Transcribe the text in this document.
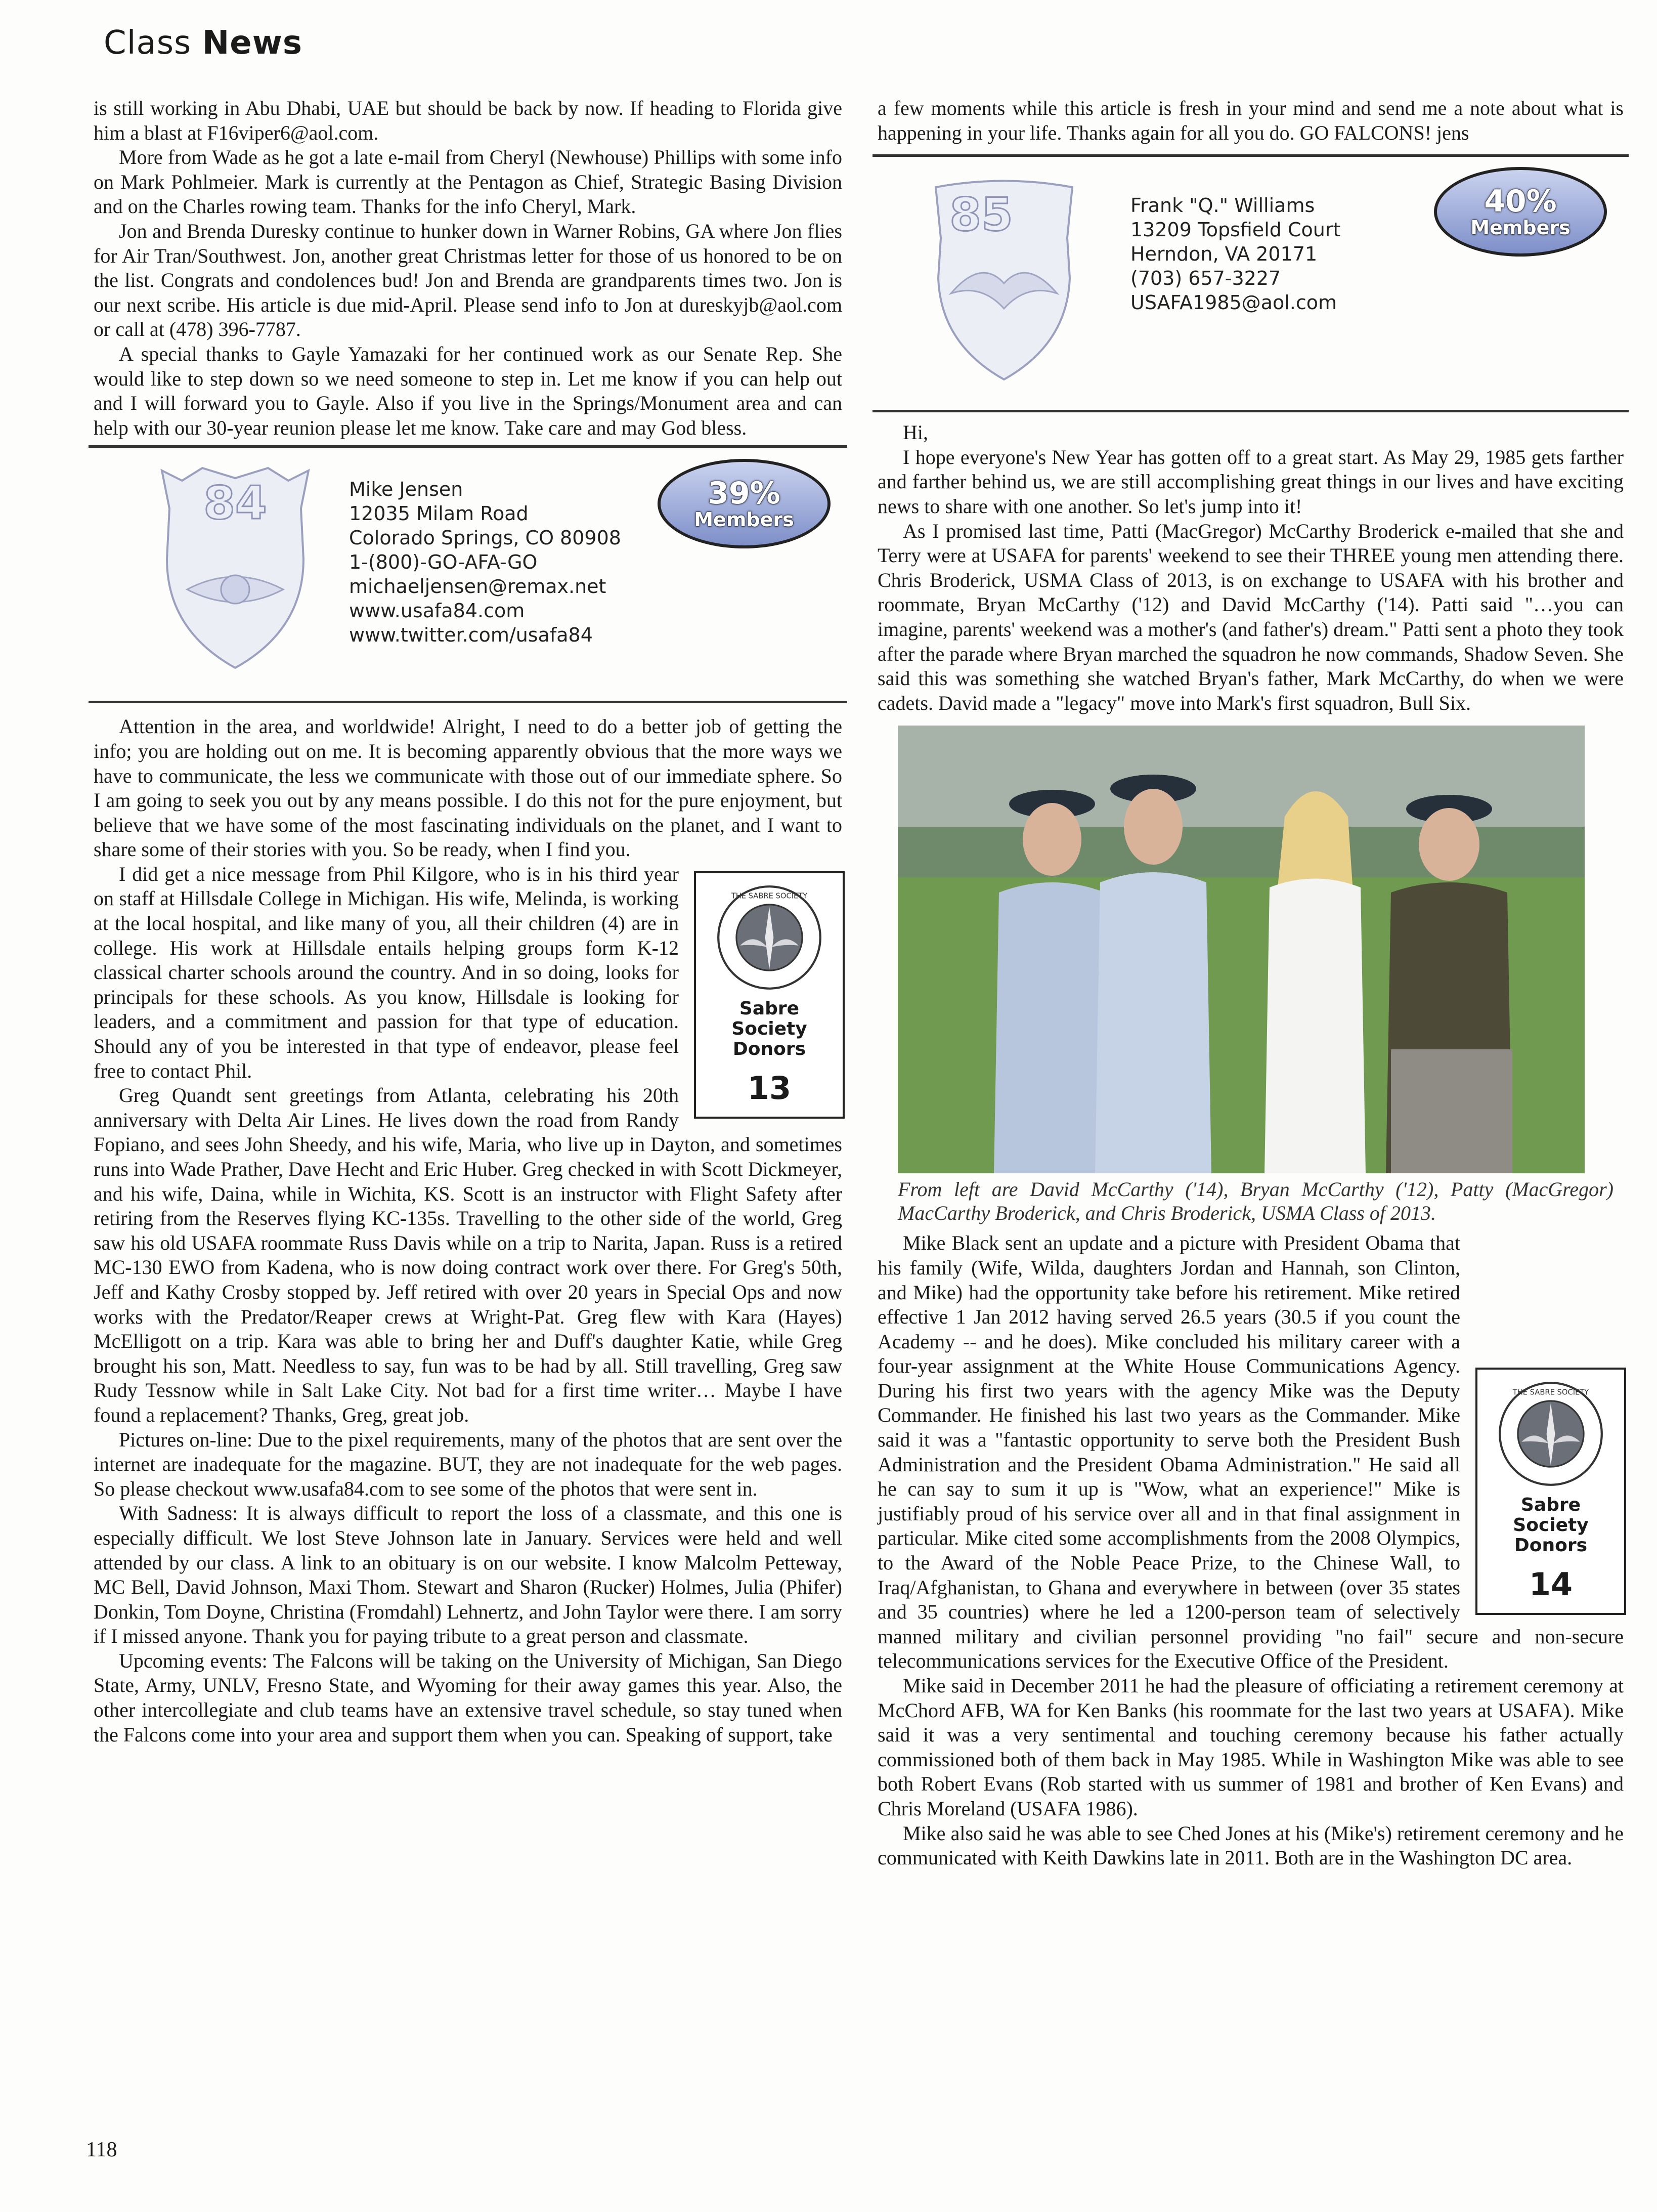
Class News

is still working in Abu Dhabi, UAE but should be back by now. If heading to Florida give him a blast at F16viper6@aol.com.

More from Wade as he got a late e-mail from Cheryl (Newhouse) Phillips with some info on Mark Pohlmeier. Mark is currently at the Pentagon as Chief, Strategic Basing Division and on the Charles rowing team. Thanks for the info Cheryl, Mark.

Jon and Brenda Duresky continue to hunker down in Warner Robins, GA where Jon flies for Air Tran/Southwest. Jon, another great Christmas letter for those of us honored to be on the list. Congrats and condolences bud! Jon and Brenda are grandparents times two. Jon is our next scribe. His article is due mid-April. Please send info to Jon at dureskyjb@aol.com or call at (478) 396-7787.

A special thanks to Gayle Yamazaki for her continued work as our Senate Rep. She would like to step down so we need someone to step in. Let me know if you can help out and I will forward you to Gayle. Also if you live in the Springs/Monument area and can help with our 30-year reunion please let me know. Take care and may God bless.

84	Mike Jensen
12035 Milam Road
Colorado Springs, CO 80908
1-(800)-GO-AFA-GO
michaeljensen@remax.net
www.usafa84.com
www.twitter.com/usafa84
39%
Members

Attention in the area, and worldwide! Alright, I need to do a better job of getting the info; you are holding out on me. It is becoming apparently obvious that the more ways we have to communicate, the less we communicate with those out of our immediate sphere. So I am going to seek you out by any means possible. I do this not for the pure enjoyment, but believe that we have some of the most fascinating individuals on the planet, and I want to share some of their stories with you. So be ready, when I find you.

THE SABRE SOCIETY
Sabre Society Donors
13

I did get a nice message from Phil Kilgore, who is in his third year on staff at Hillsdale College in Michigan. His wife, Melinda, is working at the local hospital, and like many of you, all their children (4) are in college. His work at Hillsdale entails helping groups form K-12 classical charter schools around the country. And in so doing, looks for principals for these schools. As you know, Hillsdale is looking for leaders, and a commitment and passion for that type of education. Should any of you be interested in that type of endeavor, please feel free to contact Phil.

Greg Quandt sent greetings from Atlanta, celebrating his 20th anniversary with Delta Air Lines. He lives down the road from Randy Fopiano, and sees John Sheedy, and his wife, Maria, who live up in Dayton, and sometimes runs into Wade Prather, Dave Hecht and Eric Huber. Greg checked in with Scott Dickmeyer, and his wife, Daina, while in Wichita, KS. Scott is an instructor with Flight Safety after retiring from the Reserves flying KC-135s. Travelling to the other side of the world, Greg saw his old USAFA roommate Russ Davis while on a trip to Narita, Japan. Russ is a retired MC-130 EWO from Kadena, who is now doing contract work over there. For Greg's 50th, Jeff and Kathy Crosby stopped by. Jeff retired with over 20 years in Special Ops and now works with the Predator/Reaper crews at Wright-Pat. Greg flew with Kara (Hayes) McElligott on a trip. Kara was able to bring her and Duff's daughter Katie, while Greg brought his son, Matt. Needless to say, fun was to be had by all. Still travelling, Greg saw Rudy Tessnow while in Salt Lake City. Not bad for a first time writer… Maybe I have found a replacement? Thanks, Greg, great job.

Pictures on-line: Due to the pixel requirements, many of the photos that are sent over the internet are inadequate for the magazine. BUT, they are not inadequate for the web pages. So please checkout www.usafa84.com to see some of the photos that were sent in.

With Sadness: It is always difficult to report the loss of a classmate, and this one is especially difficult. We lost Steve Johnson late in January. Services were held and well attended by our class. A link to an obituary is on our website. I know Malcolm Petteway, MC Bell, David Johnson, Maxi Thom. Stewart and Sharon (Rucker) Holmes, Julia (Phifer) Donkin, Tom Doyne, Christina (Fromdahl) Lehnertz, and John Taylor were there. I am sorry if I missed anyone. Thank you for paying tribute to a great person and classmate.

Upcoming events: The Falcons will be taking on the University of Michigan, San Diego State, Army, UNLV, Fresno State, and Wyoming for their away games this year. Also, the other intercollegiate and club teams have an extensive travel schedule, so stay tuned when the Falcons come into your area and support them when you can. Speaking of support, take

a few moments while this article is fresh in your mind and send me a note about what is happening in your life. Thanks again for all you do. GO FALCONS! jens

85	Frank "Q." Williams
13209 Topsfield Court
Herndon, VA 20171
(703) 657-3227
USAFA1985@aol.com
40%
Members

Hi,

I hope everyone's New Year has gotten off to a great start. As May 29, 1985 gets farther and farther behind us, we are still accomplishing great things in our lives and have exciting news to share with one another. So let's jump into it!

As I promised last time, Patti (MacGregor) McCarthy Broderick e-mailed that she and Terry were at USAFA for parents' weekend to see their THREE young men attending there. Chris Broderick, USMA Class of 2013, is on exchange to USAFA with his brother and roommate, Bryan McCarthy ('12) and David McCarthy ('14). Patti said "…you can imagine, parents' weekend was a mother's (and father's) dream." Patti sent a photo they took after the parade where Bryan marched the squadron he now commands, Shadow Seven. She said this was something she watched Bryan's father, Mark McCarthy, do when we were cadets. David made a "legacy" move into Mark's first squadron, Bull Six.

From left are David McCarthy ('14), Bryan McCarthy ('12), Patty (MacGregor) MacCarthy Broderick, and Chris Broderick, USMA Class of 2013.
THE SABRE SOCIETY
Sabre Society Donors
14

Mike Black sent an update and a picture with President Obama that his family (Wife, Wilda, daughters Jordan and Hannah, son Clinton, and Mike) had the opportunity take before his retirement. Mike retired effective 1 Jan 2012 having served 26.5 years (30.5 if you count the Academy -- and he does). Mike concluded his military career with a four-year assignment at the White House Communications Agency. During his first two years with the agency Mike was the Deputy Commander. He finished his last two years as the Commander. Mike said it was a "fantastic opportunity to serve both the President Bush Administration and the President Obama Administration." He said all he can say to sum it up is "Wow, what an experience!" Mike is justifiably proud of his service over all and in that final assignment in particular. Mike cited some accomplishments from the 2008 Olympics, to the Award of the Noble Peace Prize, to the Chinese Wall, to Iraq/Afghanistan, to Ghana and everywhere in between (over 35 states and 35 countries) where he led a 1200-person team of selectively manned military and civilian personnel providing "no fail" secure and non-secure telecommunications services for the Executive Office of the President.

Mike said in December 2011 he had the pleasure of officiating a retirement ceremony at McChord AFB, WA for Ken Banks (his roommate for the last two years at USAFA). Mike said it was a very sentimental and touching ceremony because his father actually commissioned both of them back in May 1985. While in Washington Mike was able to see both Robert Evans (Rob started with us summer of 1981 and brother of Ken Evans) and Chris Moreland (USAFA 1986).

Mike also said he was able to see Ched Jones at his (Mike's) retirement ceremony and he communicated with Keith Dawkins late in 2011. Both are in the Washington DC area.

118
